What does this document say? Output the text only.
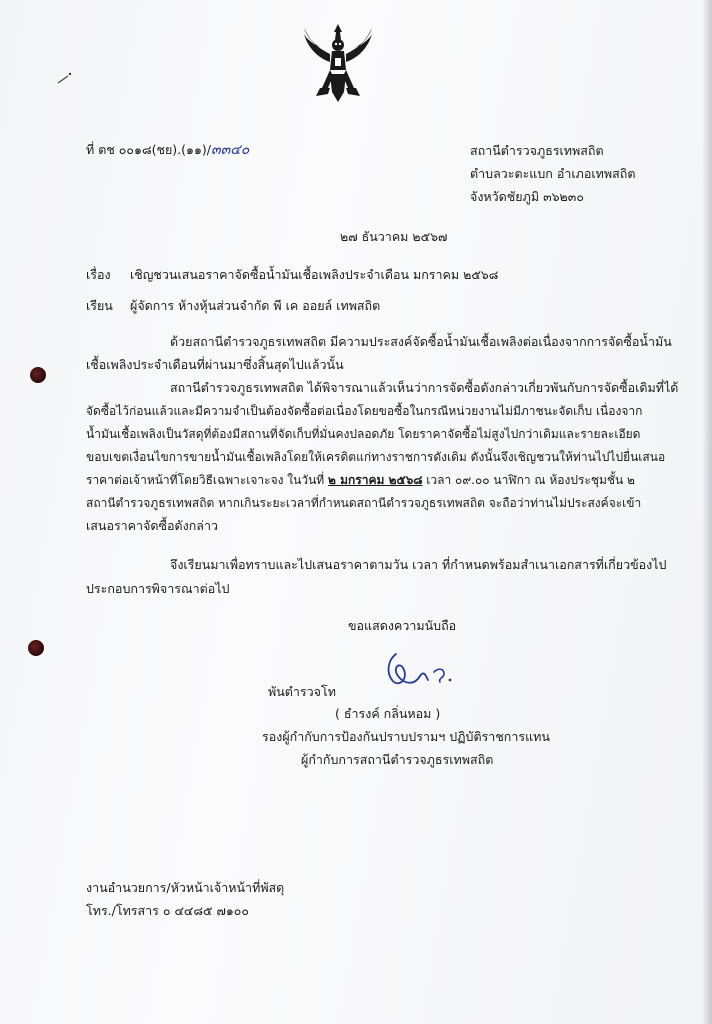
ที่ ตช ๐๐๑๘(ชย).(๑๑)/๓๓๔๐	สถานีตำรวจภูธรเทพสถิต

ตำบลวะตะแบก อำเภอเทพสถิต

จังหวัดชัยภูมิ ๓๖๒๓๐

๒๗ ธันวาคม ๒๕๖๗

เรื่อง เชิญชวนเสนอราคาจัดซื้อน้ำมันเชื้อเพลิงประจำเดือน มกราคม ๒๕๖๘

เรียน ผู้จัดการ ห้างหุ้นส่วนจำกัด พี เค ออยล์ เทพสถิต

ด้วยสถานีตำรวจภูธรเทพสถิต มีความประสงค์จัดซื้อน้ำมันเชื้อเพลิงต่อเนื่องจากการจัดซื้อน้ำมัน

เชื้อเพลิงประจำเดือนที่ผ่านมาซึ่งสิ้นสุดไปแล้วนั้น

สถานีตำรวจภูธรเทพสถิต ได้พิจารณาแล้วเห็นว่าการจัดซื้อดังกล่าวเกี่ยวพันกับการจัดซื้อเดิมที่ได้

จัดซื้อไว้ก่อนแล้วและมีความจำเป็นต้องจัดซื้อต่อเนื่องโดยขอซื้อในกรณีหน่วยงานไม่มีภาชนะจัดเก็บ เนื่องจาก

น้ำมันเชื้อเพลิงเป็นวัสดุที่ต้องมีสถานที่จัดเก็บที่มั่นคงปลอดภัย โดยราคาจัดซื้อไม่สูงไปกว่าเดิมและรายละเอียด

ขอบเขตเงื่อนไขการขายน้ำมันเชื้อเพลิงโดยให้เครดิตแก่ทางราชการดังเดิม ดังนั้นจึงเชิญชวนให้ท่านไปไปยื่นเสนอ

ราคาต่อเจ้าหน้าที่โดยวิธีเฉพาะเจาะจง ในวันที่ ๒ มกราคม ๒๕๖๘ เวลา ๐๙.๐๐ นาฬิกา ณ ห้องประชุมชั้น ๒

สถานีตำรวจภูธรเทพสถิต หากเกินระยะเวลาที่กำหนดสถานีตำรวจภูธรเทพสถิต จะถือว่าท่านไม่ประสงค์จะเข้า

เสนอราคาจัดซื้อดังกล่าว

จึงเรียนมาเพื่อทราบและไปเสนอราคาตามวัน เวลา ที่กำหนดพร้อมสำเนาเอกสารที่เกี่ยวข้องไป

ประกอบการพิจารณาต่อไป

ขอแสดงความนับถือ

พันตำรวจโท

( ธำรงค์ กลิ่นหอม )

รองผู้กำกับการป้องกันปราบปรามฯ ปฏิบัติราชการแทน

ผู้กำกับการสถานีตำรวจภูธรเทพสถิต

งานอำนวยการ/หัวหน้าเจ้าหน้าที่พัสดุ

โทร./โทรสาร ๐ ๔๔๘๕ ๗๑๐๐
